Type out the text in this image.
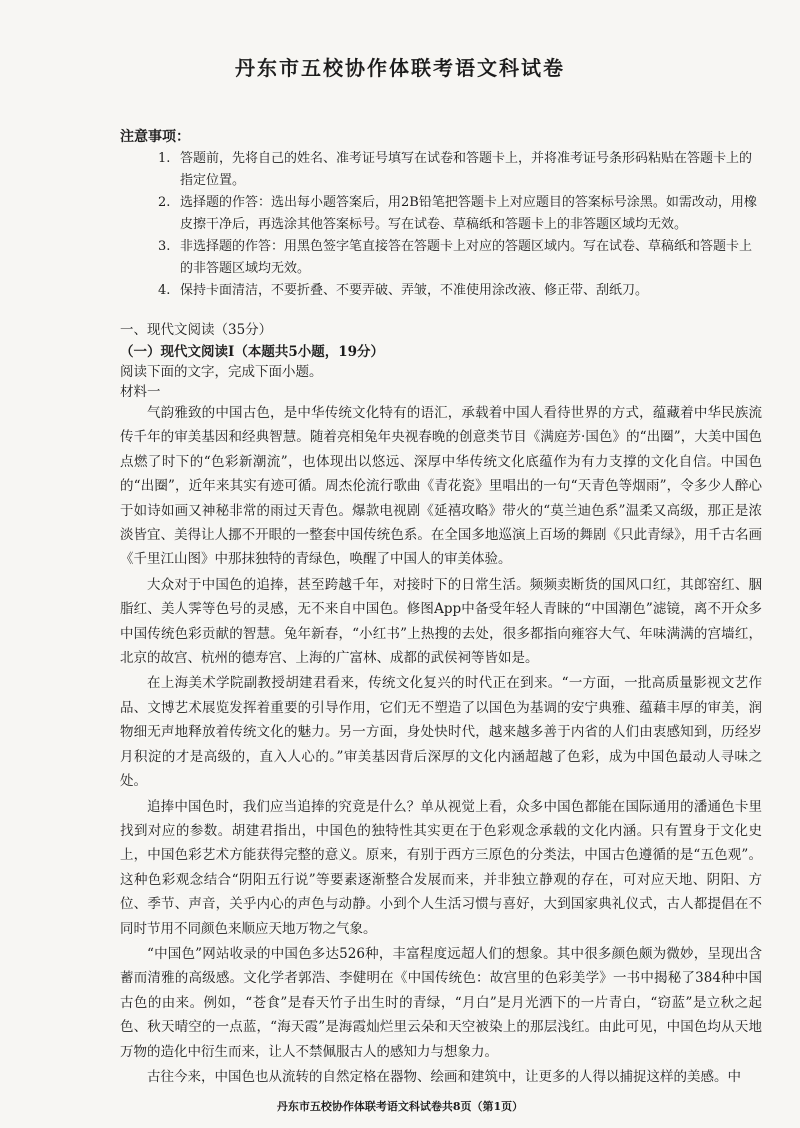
丹东市五校协作体联考语文科试卷
注意事项：
1. 答题前，先将自己的姓名、准考证号填写在试卷和答题卡上，并将准考证号条形码粘贴在答题卡上的指定位置。
2. 选择题的作答：选出每小题答案后，用2B铅笔把答题卡上对应题目的答案标号涂黑。如需改动，用橡皮擦干净后，再选涂其他答案标号。写在试卷、草稿纸和答题卡上的非答题区域均无效。
3. 非选择题的作答：用黑色签字笔直接答在答题卡上对应的答题区域内。写在试卷、草稿纸和答题卡上的非答题区域均无效。
4. 保持卡面清洁，不要折叠、不要弄破、弄皱，不准使用涂改液、修正带、刮纸刀。
一、现代文阅读（35分）
（一）现代文阅读Ⅰ（本题共5小题，19分）
阅读下面的文字，完成下面小题。
材料一

气韵雅致的中国古色，是中华传统文化特有的语汇，承载着中国人看待世界的方式，蕴藏着中华民族流传千年的审美基因和经典智慧。随着亮相兔年央视春晚的创意类节目《满庭芳·国色》的“出圈”，大美中国色点燃了时下的“色彩新潮流”，也体现出以悠远、深厚中华传统文化底蕴作为有力支撑的文化自信。中国色的“出圈”，近年来其实有迹可循。周杰伦流行歌曲《青花瓷》里唱出的一句“天青色等烟雨”，令多少人醉心于如诗如画又神秘非常的雨过天青色。爆款电视剧《延禧攻略》带火的“莫兰迪色系”温柔又高级，那正是浓淡皆宜、美得让人挪不开眼的一整套中国传统色系。在全国多地巡演上百场的舞剧《只此青绿》，用千古名画《千里江山图》中那抹独特的青绿色，唤醒了中国人的审美体验。

大众对于中国色的追捧，甚至跨越千年，对接时下的日常生活。频频卖断货的国风口红，其郎窑红、胭脂红、美人霁等色号的灵感，无不来自中国色。修图App中备受年轻人青睐的“中国潮色”滤镜，离不开众多中国传统色彩贡献的智慧。兔年新春，“小红书”上热搜的去处，很多都指向雍容大气、年味满满的宫墙红，北京的故宫、杭州的德寿宫、上海的广富林、成都的武侯祠等皆如是。

在上海美术学院副教授胡建君看来，传统文化复兴的时代正在到来。“一方面，一批高质量影视文艺作品、文博艺术展览发挥着重要的引导作用，它们无不塑造了以国色为基调的安宁典雅、蕴藉丰厚的审美，润物细无声地释放着传统文化的魅力。另一方面，身处快时代，越来越多善于内省的人们由衷感知到，历经岁月积淀的才是高级的，直入人心的。”审美基因背后深厚的文化内涵超越了色彩，成为中国色最动人寻味之处。

追捧中国色时，我们应当追捧的究竟是什么？单从视觉上看，众多中国色都能在国际通用的潘通色卡里找到对应的参数。胡建君指出，中国色的独特性其实更在于色彩观念承载的文化内涵。只有置身于文化史上，中国色彩艺术方能获得完整的意义。原来，有别于西方三原色的分类法，中国古色遵循的是“五色观”。这种色彩观念结合“阴阳五行说”等要素逐渐整合发展而来，并非独立静观的存在，可对应天地、阴阳、方位、季节、声音，关乎内心的声色与动静。小到个人生活习惯与喜好，大到国家典礼仪式，古人都提倡在不同时节用不同颜色来顺应天地万物之气象。

“中国色”网站收录的中国色多达526种，丰富程度远超人们的想象。其中很多颜色颇为微妙，呈现出含蓄而清雅的高级感。文化学者郭浩、李健明在《中国传统色：故宫里的色彩美学》一书中揭秘了384种中国古色的由来。例如，“苍食”是春天竹子出生时的青绿，“月白”是月光洒下的一片青白，“窃蓝”是立秋之起色、秋天晴空的一点蓝，“海天霞”是海霞灿烂里云朵和天空被染上的那层浅红。由此可见，中国色均从天地万物的造化中衍生而来，让人不禁佩服古人的感知力与想象力。

古往今来，中国色也从流转的自然定格在器物、绘画和建筑中，让更多的人得以捕捉这样的美感。中

丹东市五校协作体联考语文科试卷共8页（第1页）
